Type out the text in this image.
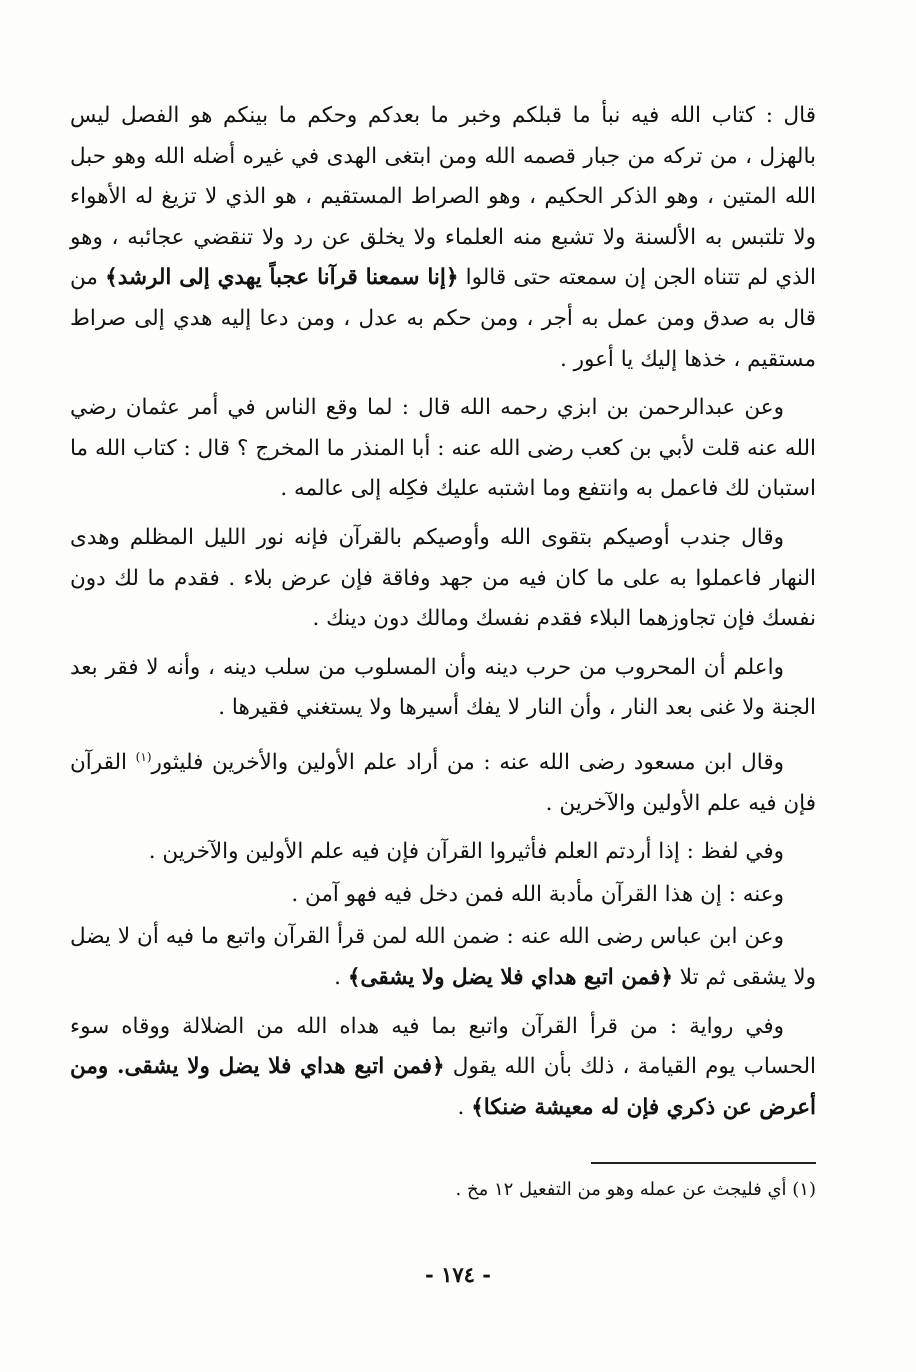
قال : كتاب الله فيه نبأ ما قبلكم وخبر ما بعدكم وحكم ما بينكم هو الفصل ليس بالهزل ، من تركه من جبار قصمه الله ومن ابتغى الهدى في غيره أضله الله وهو حبل الله المتين ، وهو الذكر الحكيم ، وهو الصراط المستقيم ، هو الذي لا تزيغ له الأهواء ولا تلتبس به الألسنة ولا تشبع منه العلماء ولا يخلق عن رد ولا تنقضي عجائبه ، وهو الذي لم تتناه الجن إن سمعته حتى قالوا ﴿إنا سمعنا قرآنا عجباً يهدي إلى الرشد﴾ من قال به صدق ومن عمل به أجر ، ومن حكم به عدل ، ومن دعا إليه هدي إلى صراط مستقيم ، خذها إليك يا أعور .

وعن عبدالرحمن بن ابزي رحمه الله قال : لما وقع الناس في أمر عثمان رضي الله عنه قلت لأبي بن كعب رضى الله عنه : أبا المنذر ما المخرج ؟ قال : كتاب الله ما استبان لك فاعمل به وانتفع وما اشتبه عليك فكِله إلى عالمه .

وقال جندب أوصيكم بتقوى الله وأوصيكم بالقرآن فإنه نور الليل المظلم وهدى النهار فاعملوا به على ما كان فيه من جهد وفاقة فإن عرض بلاء . فقدم ما لك دون نفسك فإن تجاوزهما البلاء فقدم نفسك ومالك دون دينك .

واعلم أن المحروب من حرب دينه وأن المسلوب من سلب دينه ، وأنه لا فقر بعد الجنة ولا غنى بعد النار ، وأن النار لا يفك أسيرها ولا يستغني فقيرها .

وقال ابن مسعود رضى الله عنه : من أراد علم الأولين والأخرين فليثور$^{(١)}$ القرآن فإن فيه علم الأولين والآخرين .

وفي لفظ : إذا أردتم العلم فأثيروا القرآن فإن فيه علم الأولين والآخرين .

وعنه : إن هذا القرآن مأدبة الله فمن دخل فيه فهو آمن .

وعن ابن عباس رضى الله عنه : ضمن الله لمن قرأ القرآن واتبع ما فيه أن لا يضل ولا يشقى ثم تلا ﴿فمن اتبع هداي فلا يضل ولا يشقى﴾ .

وفي رواية : من قرأ القرآن واتبع بما فيه هداه الله من الضلالة ووقاه سوء الحساب يوم القيامة ، ذلك بأن الله يقول ﴿فمن اتبع هداي فلا يضل ولا يشقى. ومن أعرض عن ذكري فإن له معيشة ضنكا﴾ .

(١) أي فليجث عن عمله وهو من التفعيل ١٢ مخ .
- ١٧٤ -
